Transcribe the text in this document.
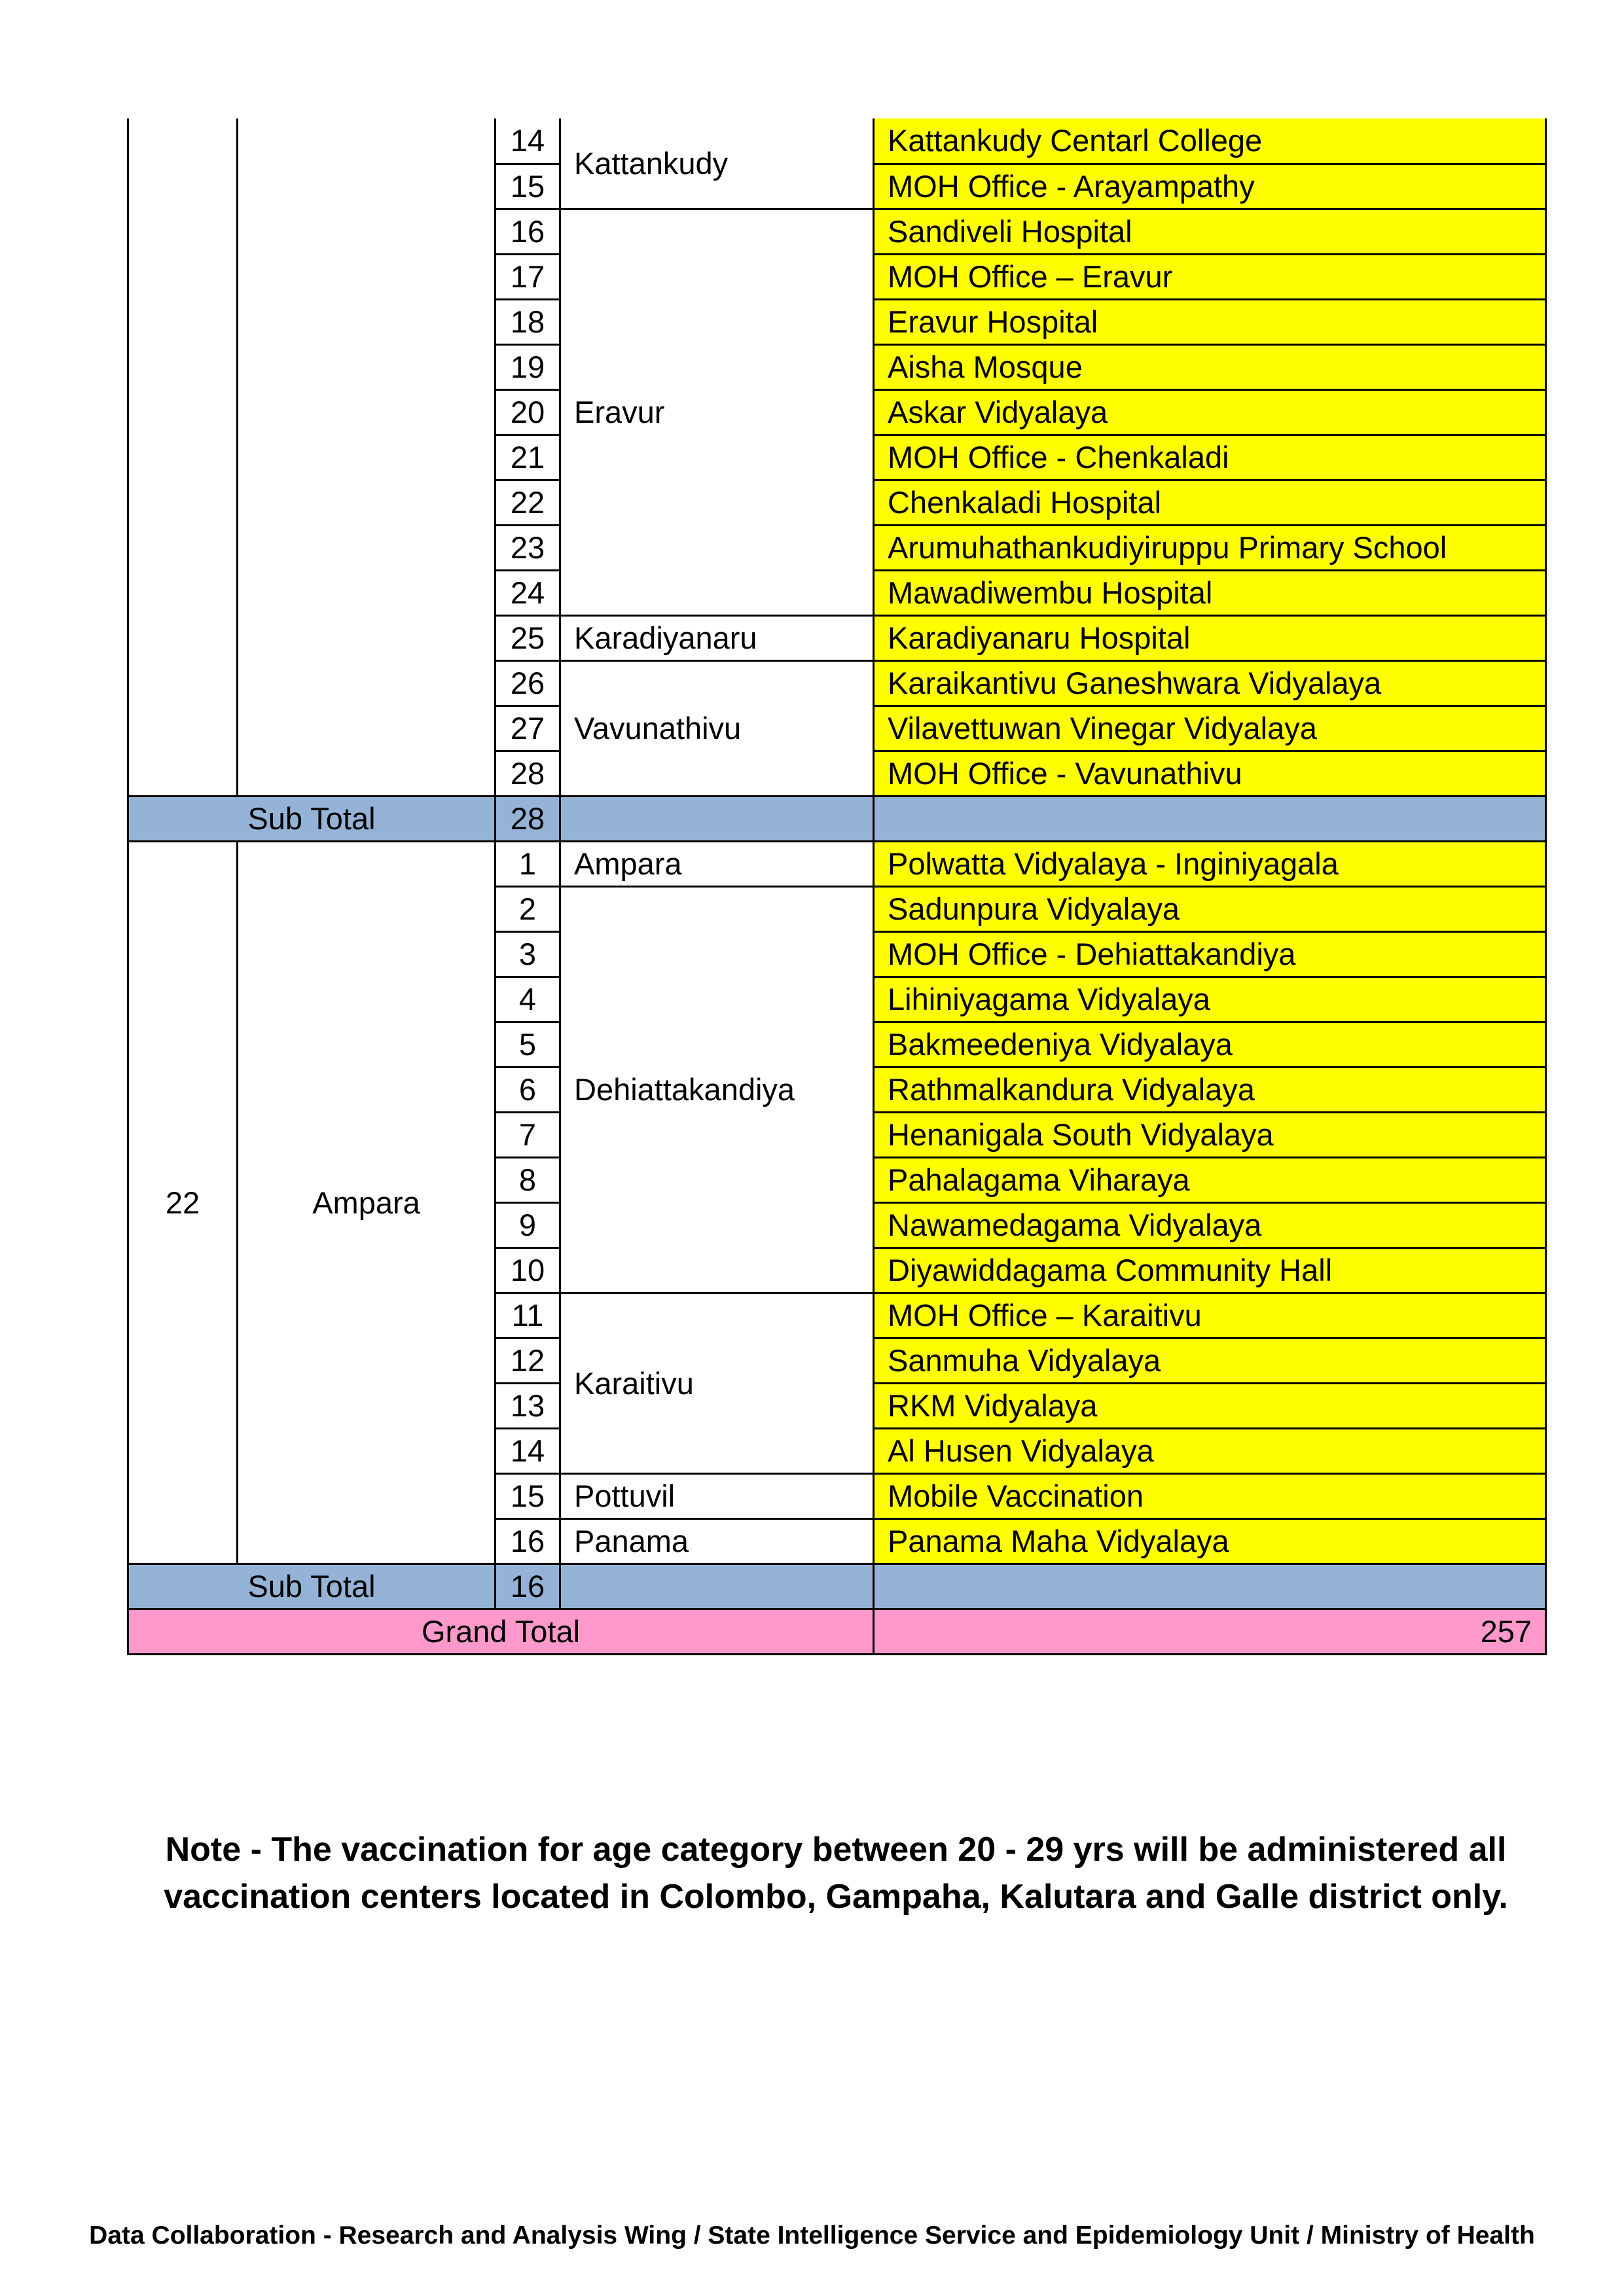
		14	Kattankudy	Kattankudy Centarl College
		15		MOH Office - Arayampathy
		16	Eravur	Sandiveli Hospital
		17		MOH Office – Eravur
		18		Eravur Hospital
		19		Aisha Mosque
		20		Askar Vidyalaya
		21		MOH Office - Chenkaladi
		22		Chenkaladi Hospital
		23		Arumuhathankudiyiruppu Primary School
		24		Mawadiwembu Hospital
		25	Karadiyanaru	Karadiyanaru Hospital
		26	Vavunathivu	Karaikantivu Ganeshwara Vidyalaya
		27		Vilavettuwan Vinegar Vidyalaya
		28		MOH Office - Vavunathivu
Sub Total		28		
22	Ampara	1	Ampara	Polwatta Vidyalaya - Inginiyagala
		2	Dehiattakandiya	Sadunpura Vidyalaya
		3		MOH Office - Dehiattakandiya
		4		Lihiniyagama Vidyalaya
		5		Bakmeedeniya Vidyalaya
		6		Rathmalkandura Vidyalaya
		7		Henanigala South Vidyalaya
		8		Pahalagama Viharaya
		9		Nawamedagama Vidyalaya
		10		Diyawiddagama Community Hall
		11	Karaitivu	MOH Office – Karaitivu
		12		Sanmuha Vidyalaya
		13		RKM Vidyalaya
		14		Al Husen Vidyalaya
		15	Pottuvil	Mobile Vaccination
		16	Panama	Panama Maha Vidyalaya
Sub Total		16		
Grand Total				257
Note - The vaccination for age category between 20 - 29 yrs will be administered all vaccination centers located in Colombo, Gampaha, Kalutara and Galle district only.
Data Collaboration - Research and Analysis Wing / State Intelligence Service and Epidemiology Unit / Ministry of Health
